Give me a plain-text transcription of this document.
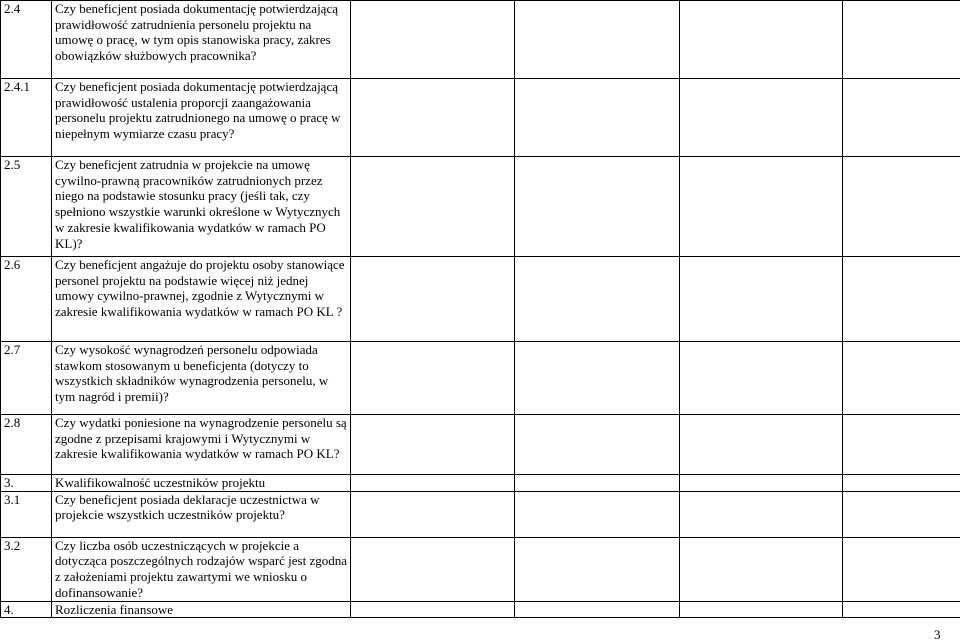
2.4	Czy beneficjent posiada dokumentację potwierdzającą prawidłowość zatrudnienia personelu projektu na umowę o pracę, w tym opis stanowiska pracy, zakres obowiązków służbowych pracownika?				
2.4.1	Czy beneficjent posiada dokumentację potwierdzającą prawidłowość ustalenia proporcji zaangażowania personelu projektu zatrudnionego na umowę o pracę w niepełnym wymiarze czasu pracy?				
2.5	Czy beneficjent zatrudnia w projekcie na umowę cywilno-prawną pracowników zatrudnionych przez niego na podstawie stosunku pracy (jeśli tak, czy spełniono wszystkie warunki określone w Wytycznych w zakresie kwalifikowania wydatków w ramach PO KL)?				
2.6	Czy beneficjent angażuje do projektu osoby stanowiące personel projektu na podstawie więcej niż jednej umowy cywilno-prawnej, zgodnie z Wytycznymi w zakresie kwalifikowania wydatków w ramach PO KL ?				
2.7	Czy wysokość wynagrodzeń personelu odpowiada stawkom stosowanym u beneficjenta (dotyczy to wszystkich składników wynagrodzenia personelu, w tym nagród i premii)?				
2.8	Czy wydatki poniesione na wynagrodzenie personelu są zgodne z przepisami krajowymi i Wytycznymi w zakresie kwalifikowania wydatków w ramach PO KL?				
3.	Kwalifikowalność uczestników projektu				
3.1	Czy beneficjent posiada deklaracje uczestnictwa w projekcie wszystkich uczestników projektu?				
3.2	Czy liczba osób uczestniczących w projekcie a dotycząca poszczególnych rodzajów wsparć jest zgodna z założeniami projektu zawartymi we wniosku o dofinansowanie?				
4.	Rozliczenia finansowe				
3
